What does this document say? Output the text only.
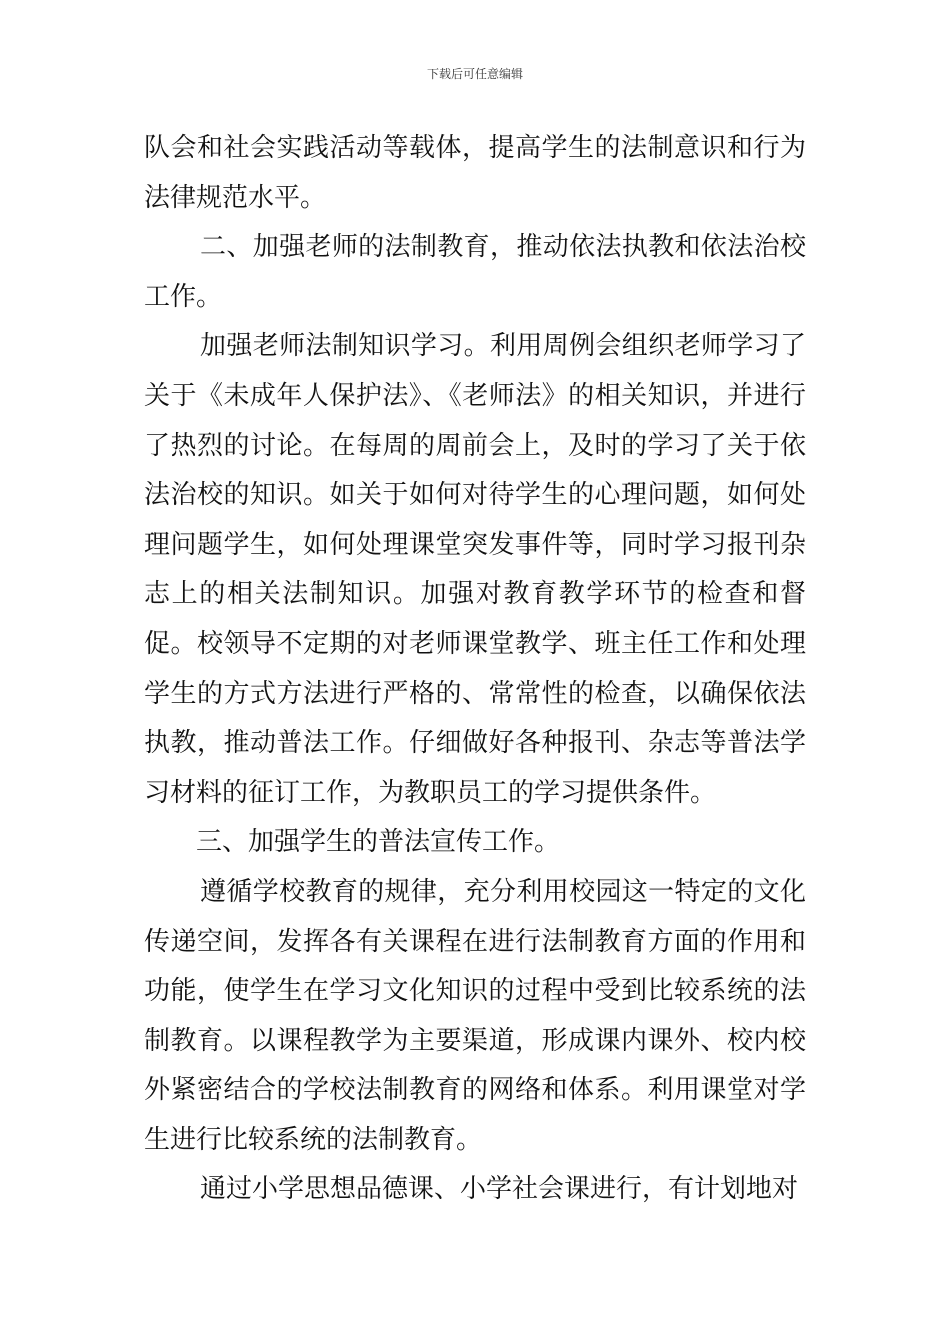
下载后可任意编辑

队会和社会实践活动等载体，提高学生的法制意识和行为法律规范水平。

二、加强老师的法制教育，推动依法执教和依法治校工作。

加强老师法制知识学习。利用周例会组织老师学习了关于《未成年人保护法》、《老师法》的相关知识，并进行了热烈的讨论。在每周的周前会上，及时的学习了关于依法治校的知识。如关于如何对待学生的心理问题，如何处理问题学生，如何处理课堂突发事件等，同时学习报刊杂志上的相关法制知识。加强对教育教学环节的检查和督促。校领导不定期的对老师课堂教学、班主任工作和处理学生的方式方法进行严格的、常常性的检查，以确保依法执教，推动普法工作。仔细做好各种报刊、杂志等普法学习材料的征订工作，为教职员工的学习提供条件。

三、加强学生的普法宣传工作。

遵循学校教育的规律，充分利用校园这一特定的文化传递空间，发挥各有关课程在进行法制教育方面的作用和功能，使学生在学习文化知识的过程中受到比较系统的法制教育。以课程教学为主要渠道，形成课内课外、校内校外紧密结合的学校法制教育的网络和体系。利用课堂对学生进行比较系统的法制教育。

通过小学思想品德课、小学社会课进行，有计划地对
